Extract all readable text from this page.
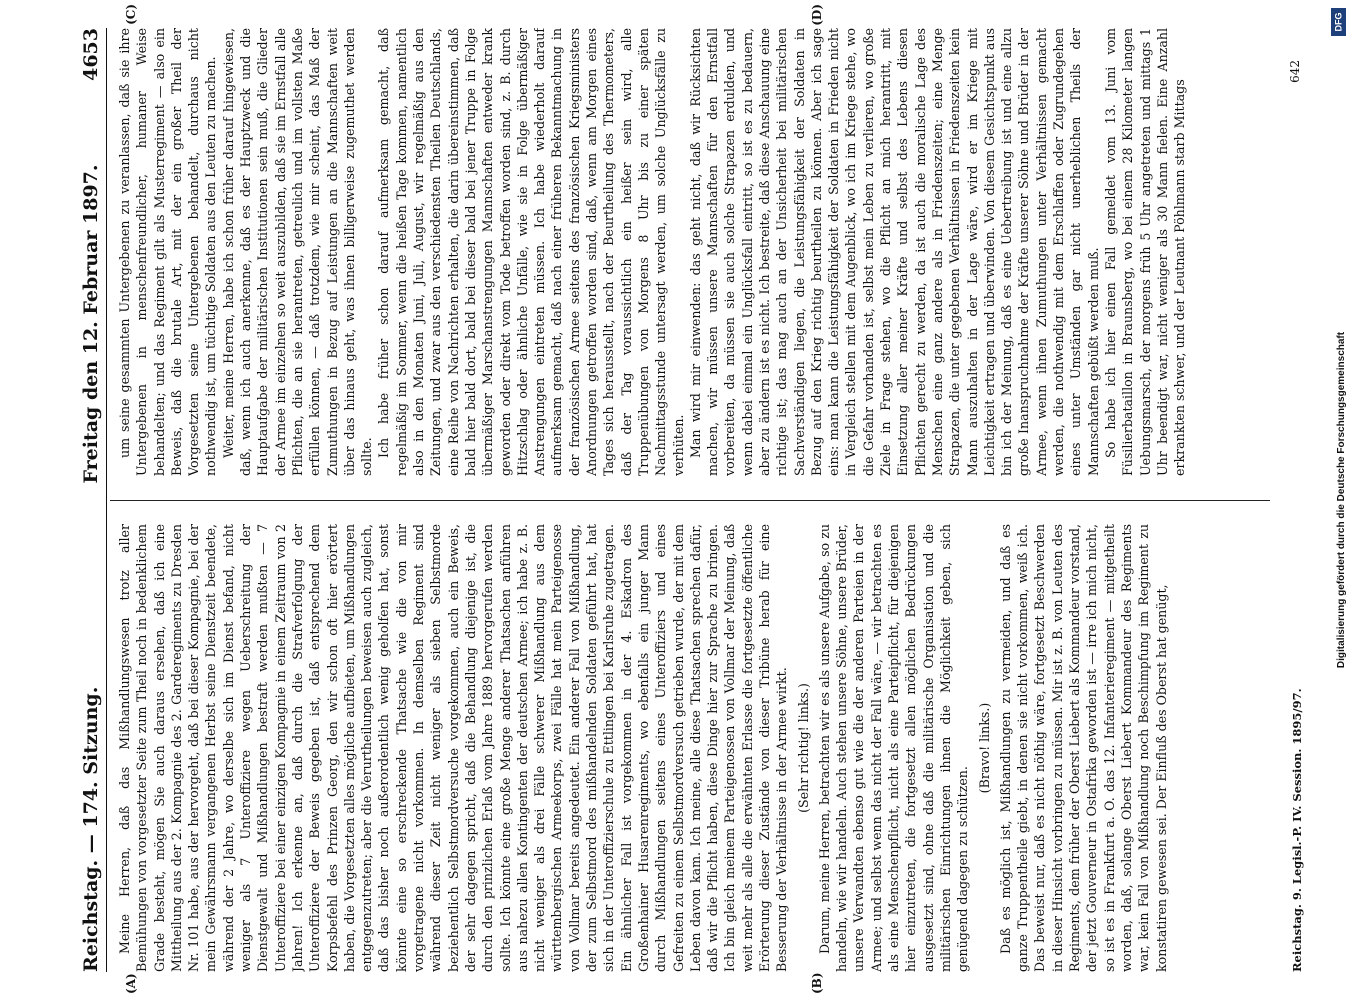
Reichstag. — 174. Sitzung.
Freitag den 12. Februar 1897.
4653
(A)	(B)
(C)	(D)

Meine Herren, daß das Mißhandlungswesen trotz aller Bemühungen von vorgesetzter Seite zum Theil noch in bedenklichem Grade besteht, mögen Sie auch daraus ersehen, daß ich eine Mittheilung aus der 2. Kompagnie des 2. Garderegiments zu Dresden Nr. 101 habe, aus der hervorgeht, daß bei dieser Kompagnie, bei der mein Gewährsmann vergangenen Herbst seine Dienstzeit beendete, während der 2 Jahre, wo derselbe sich im Dienst befand, nicht weniger als 7 Unteroffiziere wegen Ueberschreitung der Dienstgewalt und Mißhandlungen bestraft werden mußten — 7 Unteroffiziere bei einer einzigen Kompagnie in einem Zeitraum von 2 Jahren! Ich erkenne an, daß durch die Strafverfolgung der Unteroffiziere der Beweis gegeben ist, daß entsprechend dem Korpsbefehl des Prinzen Georg, den wir schon oft hier erörtert haben, die Vorgesetzten alles mögliche aufbieten, um Mißhandlungen entgegenzutreten; aber die Verurtheilungen beweisen auch zugleich, daß das bisher noch außerordentlich wenig geholfen hat, sonst könnte eine so erschreckende Thatsache wie die von mir vorgetragene nicht vorkommen. In demselben Regiment sind während dieser Zeit nicht weniger als sieben Selbstmorde beziehentlich Selbstmordversuche vorgekommen, auch ein Beweis, der sehr dagegen spricht, daß die Behandlung diejenige ist, die durch den prinzlichen Erlaß vom Jahre 1889 hervorgerufen werden sollte. Ich könnte eine große Menge anderer Thatsachen anführen aus nahezu allen Kontingenten der deutschen Armee; ich habe z. B. nicht weniger als drei Fälle schwerer Mißhandlung aus dem württembergischen Armeekorps, zwei Fälle hat mein Parteigenosse von Vollmar bereits angedeutet. Ein anderer Fall von Mißhandlung, der zum Selbstmord des mißhandelnden Soldaten geführt hat, hat sich in der Unteroffizierschule zu Ettlingen bei Karlsruhe zugetragen. Ein ähnlicher Fall ist vorgekommen in der 4. Eskadron des Großenhainer Husarenregiments, wo ebenfalls ein junger Mann durch Mißhandlungen seitens eines Unteroffiziers und eines Gefreiten zu einem Selbstmordversuch getrieben wurde, der mit dem Leben davon kam. Ich meine, alle diese Thatsachen sprechen dafür, daß wir die Pflicht haben, diese Dinge hier zur Sprache zu bringen. Ich bin gleich meinem Parteigenossen von Vollmar der Meinung, daß weit mehr als alle die erwähnten Erlasse die fortgesetzte öffentliche Erörterung dieser Zustände von dieser Tribüne herab für eine Besserung der Verhältnisse in der Armee wirkt. (Sehr richtig! links.) Darum, meine Herren, betrachten wir es als unsere Aufgabe, so zu handeln, wie wir handeln. Auch stehen unsere Söhne, unsere Brüder, unsere Verwandten ebenso gut wie die der anderen Parteien in der Armee; und selbst wenn das nicht der Fall wäre, — wir betrachten es als eine Menschenpflicht, nicht als eine Parteipflicht, für diejenigen hier einzutreten, die fortgesetzt allen möglichen Bedrückungen ausgesetzt sind, ohne daß die militärische Organisation und die militärischen Einrichtungen ihnen die Möglichkeit geben, sich genügend dagegen zu schützen.

(Bravo! links.) Daß es möglich ist, Mißhandlungen zu vermeiden, und daß es ganze Truppentheile giebt, in denen sie nicht vorkommen, weiß ich. Das beweist nur, daß es nicht nöthig wäre, fortgesetzt Beschwerden in dieser Hinsicht vorbringen zu müssen. Mir ist z. B. von Leuten des Regiments, dem früher der Oberst Liebert als Kommandeur vorstand, der jetzt Gouverneur in Ostafrika geworden ist — irre ich mich nicht, so ist es in Frankfurt a. O. das 12. Infanterieregiment — mitgetheilt worden, daß, solange Oberst Liebert Kommandeur des Regiments war, kein Fall von Mißhandlung noch Beschimpfung im Regiment zu konstatiren gewesen sei. Der Einfluß des Oberst hat genügt,

um seine gesammten Untergebenen zu veranlassen, daß sie ihre Untergebenen in menschenfreundlicher, humaner Weise behandelten; und das Regiment gilt als Musterregiment — also ein Beweis, daß die brutale Art, mit der ein großer Theil der Vorgesetzten seine Untergebenen behandelt, durchaus nicht nothwendig ist, um tüchtige Soldaten aus den Leuten zu machen. Weiter, meine Herren, habe ich schon früher darauf hingewiesen, daß, wenn ich auch anerkenne, daß es der Hauptzweck und die Hauptaufgabe der militärischen Institutionen sein muß, die Glieder der Armee im einzelnen so weit auszubilden, daß sie im Ernstfall alle Pflichten, die an sie herantreten, getreulich und im vollsten Maße erfüllen können, — daß trotzdem, wie mir scheint, das Maß der Zumuthungen in Bezug auf Leistungen an die Mannschaften weit über das hinaus geht, was ihnen billigerweise zugemuthet werden sollte. Ich habe früher schon darauf aufmerksam gemacht, daß regelmäßig im Sommer, wenn die heißen Tage kommen, namentlich also in den Monaten Juni, Juli, August, wir regelmäßig aus den Zeitungen, und zwar aus den verschiedensten Theilen Deutschlands, eine Reihe von Nachrichten erhalten, die darin übereinstimmen, daß bald hier bald dort, bald bei dieser bald bei jener Truppe in Folge übermäßiger Marschanstrengungen Mannschaften entweder krank geworden oder direkt vom Tode betroffen worden sind, z. B. durch Hitzschlag oder ähnliche Unfälle, wie sie in Folge übermäßiger Anstrengungen eintreten müssen. Ich habe wiederholt darauf aufmerksam gemacht, daß nach einer früheren Bekanntmachung in der französischen Armee seitens des französischen Kriegsministers Anordnungen getroffen worden sind, daß, wenn am Morgen eines Tages sich herausstellt, nach der Beurtheilung des Thermometers, daß der Tag voraussichtlich ein heißer sein wird, alle Truppenübungen von Morgens 8 Uhr bis zu einer späten Nachmittagsstunde untersagt werden, um solche Unglücksfälle zu verhüten. Man wird mir einwenden: das geht nicht, daß wir Rücksichten machen, wir müssen unsere Mannschaften für den Ernstfall vorbereiten, da müssen sie auch solche Strapazen erdulden, und wenn dabei einmal ein Unglücksfall eintritt, so ist es zu bedauern, aber zu ändern ist es nicht. Ich bestreite, daß diese Anschauung eine richtige ist; das mag auch an der Unsicherheit bei militärischen Sachverständigen liegen, die Leistungsfähigkeit der Soldaten in Bezug auf den Krieg richtig beurtheilen zu können. Aber ich sage eins: man kann die Leistungsfähigkeit der Soldaten in Frieden nicht in Vergleich stellen mit dem Augenblick, wo ich im Kriege stehe, wo die Gefahr vorhanden ist, selbst mein Leben zu verlieren, wo große Ziele in Frage stehen, wo die Pflicht an mich herantritt, mit Einsetzung aller meiner Kräfte und selbst des Lebens diesen Pflichten gerecht zu werden, da ist auch die moralische Lage des Menschen eine ganz andere als in Friedenszeiten; eine Menge Strapazen, die unter gegebenen Verhältnissen in Friedenszeiten kein Mann auszuhalten in der Lage wäre, wird er im Kriege mit Leichtigkeit ertragen und überwinden. Von diesem Gesichtspunkt aus bin ich der Meinung, daß es eine Uebertreibung ist und eine allzu große Inanspruchnahme der Kräfte unserer Söhne und Brüder in der Armee, wenn ihnen Zumuthungen unter Verhältnissen gemacht werden, die nothwendig mit dem Erschlaffen oder Zugrundegehen eines unter Umständen gar nicht unerheblichen Theils der Mannschaften gebüßt werden muß. So habe ich hier einen Fall gemeldet vom 13. Juni vom Füsilierbataillon in Braunsberg, wo bei einem 28 Kilometer langen Uebungsmarsch, der morgens früh 5 Uhr angetreten und mittags 1 Uhr beendigt war, nicht weniger als 30 Mann fielen. Eine Anzahl erkrankten schwer, und der Leutnant Pöhlmann starb Mittags

Reichstag. 9. Legisl.-P. IV. Session. 1895/97.
642
DFG
Digitalisierung gefördert durch die Deutsche Forschungsgemeinschaft
